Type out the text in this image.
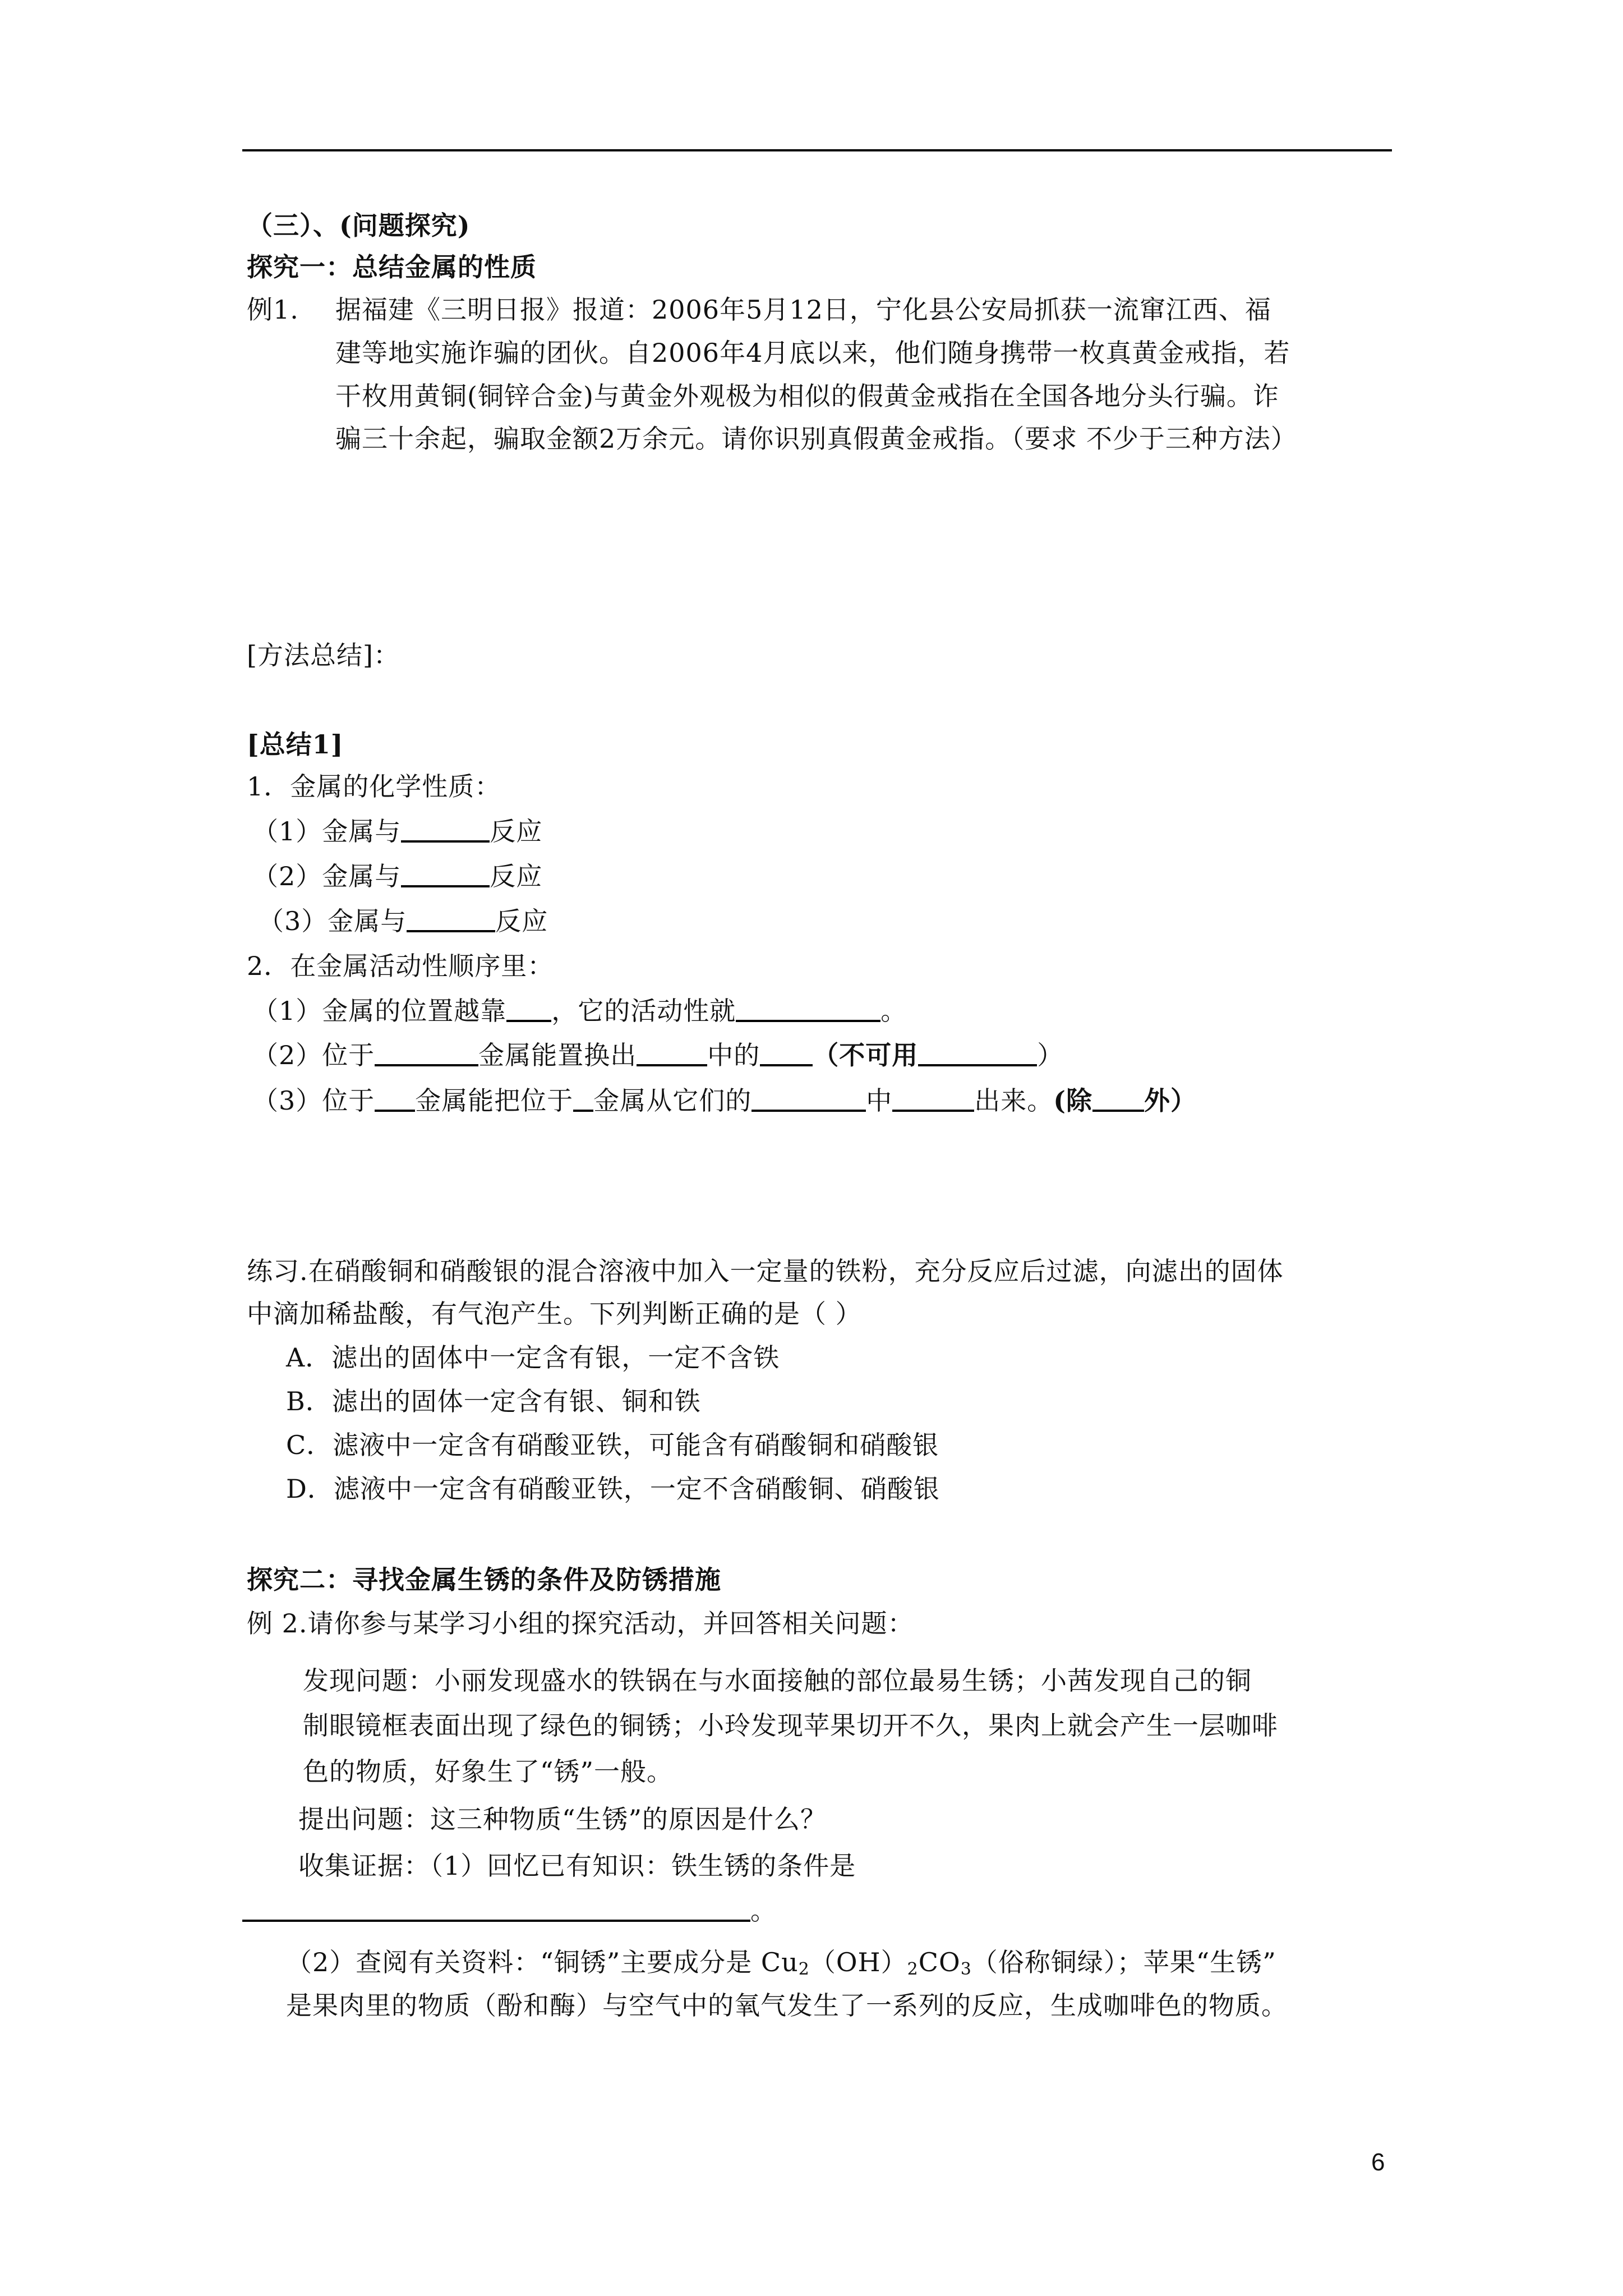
（三）、(问题探究)
探究一：总结金属的性质
例1. 据福建《三明日报》报道：2006年5月12日，宁化县公安局抓获一流窜江西、福
建等地实施诈骗的团伙。自2006年4月底以来，他们随身携带一枚真黄金戒指，若
干枚用黄铜(铜锌合金)与黄金外观极为相似的假黄金戒指在全国各地分头行骗。诈
骗三十余起，骗取金额2万余元。请你识别真假黄金戒指。（要求 不少于三种方法）
[方法总结]：
[总结1]
1．金属的化学性质：
（1）金属与	反应
（2）金属与	反应
（3）金属与	反应
2．在金属活动性顺序里：
（1）金属的位置越靠 ，它的活动性就	。
（2）位于	金属能置换出	中的 （不可用	）
（3）位于 金属能把位于 金属从它们的	中	出来。(除 外）
练习.在硝酸铜和硝酸银的混合溶液中加入一定量的铁粉，充分反应后过滤，向滤出的固体
中滴加稀盐酸，有气泡产生。下列判断正确的是（ ）
A．滤出的固体中一定含有银，一定不含铁
B．滤出的固体一定含有银、铜和铁
C．滤液中一定含有硝酸亚铁，可能含有硝酸铜和硝酸银
D．滤液中一定含有硝酸亚铁，一定不含硝酸铜、硝酸银
探究二：寻找金属生锈的条件及防锈措施
例 2.请你参与某学习小组的探究活动，并回答相关问题：
发现问题：小丽发现盛水的铁锅在与水面接触的部位最易生锈；小茜发现自己的铜
制眼镜框表面出现了绿色的铜锈；小玲发现苹果切开不久，果肉上就会产生一层咖啡
色的物质，好象生了“锈”一般。
提出问题：这三种物质“生锈”的原因是什么？
收集证据：（1）回忆已有知识：铁生锈的条件是
。
（2）查阅有关资料：“铜锈”主要成分是 $Cu_2(OH)_2CO_3$（俗称铜绿）；苹果“生锈”
是果肉里的物质（酚和酶）与空气中的氧气发生了一系列的反应，生成咖啡色的物质。
6
